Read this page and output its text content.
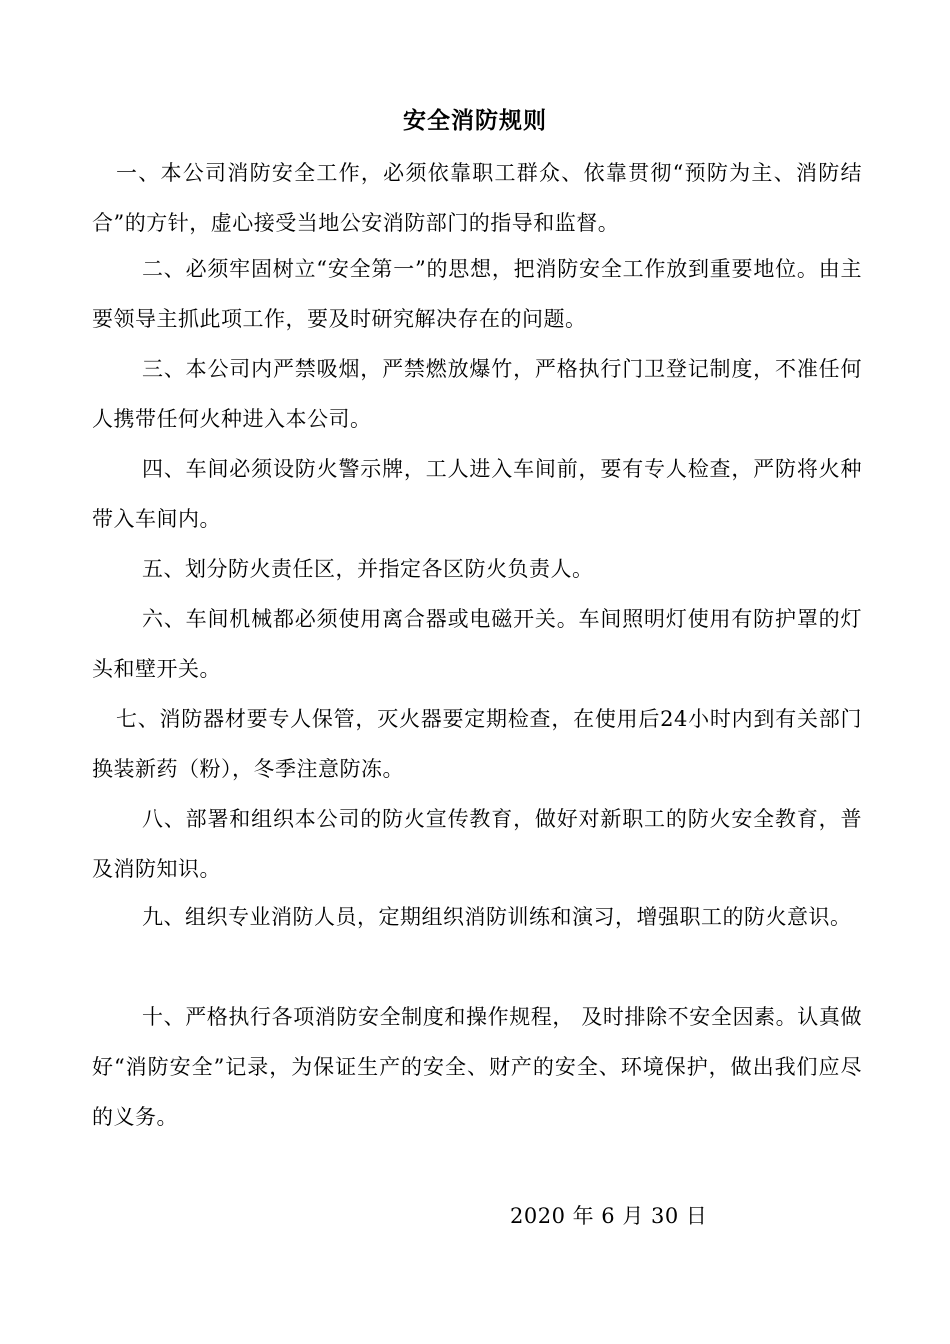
安全消防规则
一、本公司消防安全工作，必须依靠职工群众、依靠贯彻“预防为主、消防结合”的方针，虚心接受当地公安消防部门的指导和监督。
二、必须牢固树立“安全第一”的思想，把消防安全工作放到重要地位。由主要领导主抓此项工作，要及时研究解决存在的问题。
三、本公司内严禁吸烟，严禁燃放爆竹，严格执行门卫登记制度，不准任何人携带任何火种进入本公司。
四、车间必须设防火警示牌，工人进入车间前，要有专人检查，严防将火种带入车间内。
五、划分防火责任区，并指定各区防火负责人。
六、车间机械都必须使用离合器或电磁开关。车间照明灯使用有防护罩的灯头和壁开关。
七、消防器材要专人保管，灭火器要定期检查，在使用后24小时内到有关部门换装新药（粉），冬季注意防冻。
八、部署和组织本公司的防火宣传教育，做好对新职工的防火安全教育，普及消防知识。
九、组织专业消防人员，定期组织消防训练和演习，增强职工的防火意识。
十、严格执行各项消防安全制度和操作规程， 及时排除不安全因素。认真做好“消防安全”记录，为保证生产的安全、财产的安全、环境保护，做出我们应尽的义务。
2020 年 6 月 30 日
